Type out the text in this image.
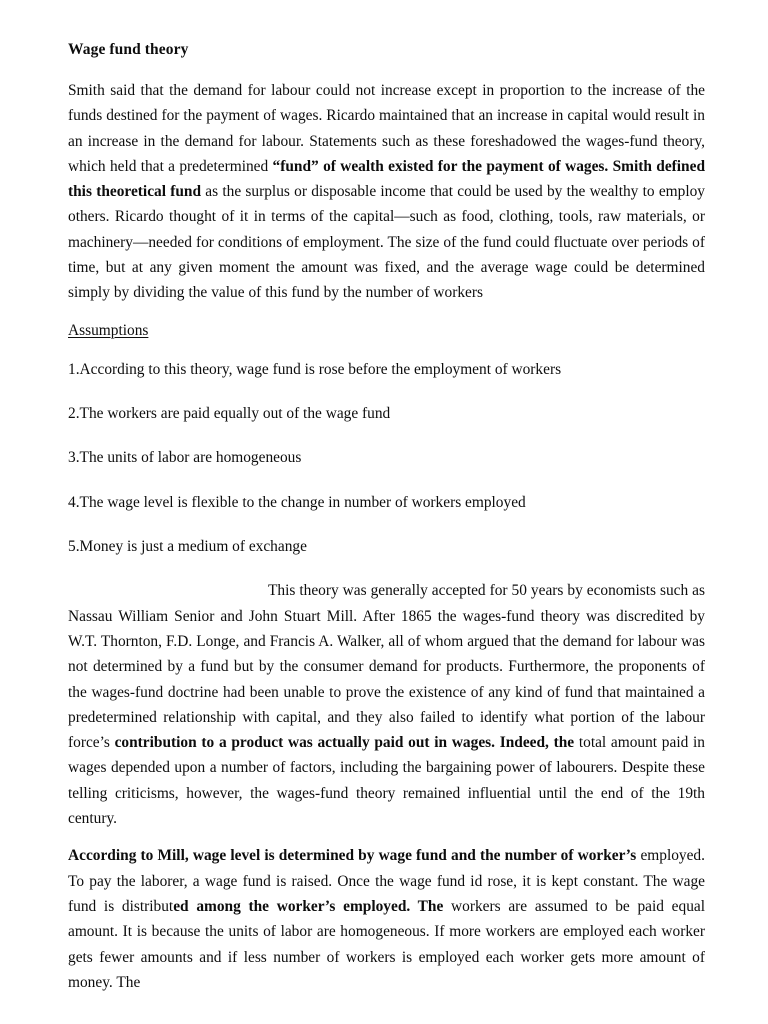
Wage fund theory

Smith said that the demand for labour could not increase except in proportion to the increase of the funds destined for the payment of wages. Ricardo maintained that an increase in capital would result in an increase in the demand for labour. Statements such as these foreshadowed the wages-fund theory, which held that a predetermined “fund” of wealth existed for the payment of wages. Smith defined this theoretical fund as the surplus or disposable income that could be used by the wealthy to employ others. Ricardo thought of it in terms of the capital—such as food, clothing, tools, raw materials, or machinery—needed for conditions of employment. The size of the fund could fluctuate over periods of time, but at any given moment the amount was fixed, and the average wage could be determined simply by dividing the value of this fund by the number of workers

Assumptions
1.According to this theory, wage fund is rose before the employment of workers
2.The workers are paid equally out of the wage fund
3.The units of labor are homogeneous
4.The wage level is flexible to the change in number of workers employed
5.Money is just a medium of exchange

This theory was generally accepted for 50 years by economists such as Nassau William Senior and John Stuart Mill. After 1865 the wages-fund theory was discredited by W.T. Thornton, F.D. Longe, and Francis A. Walker, all of whom argued that the demand for labour was not determined by a fund but by the consumer demand for products. Furthermore, the proponents of the wages-fund doctrine had been unable to prove the existence of any kind of fund that maintained a predetermined relationship with capital, and they also failed to identify what portion of the labour force’s contribution to a product was actually paid out in wages. Indeed, the total amount paid in wages depended upon a number of factors, including the bargaining power of labourers. Despite these telling criticisms, however, the wages-fund theory remained influential until the end of the 19th century.

According to Mill, wage level is determined by wage fund and the number of worker’s employed. To pay the laborer, a wage fund is raised. Once the wage fund id rose, it is kept constant. The wage fund is distributed among the worker’s employed. The workers are assumed to be paid equal amount. It is because the units of labor are homogeneous. If more workers are employed each worker gets fewer amounts and if less number of workers is employed each worker gets more amount of money. The
